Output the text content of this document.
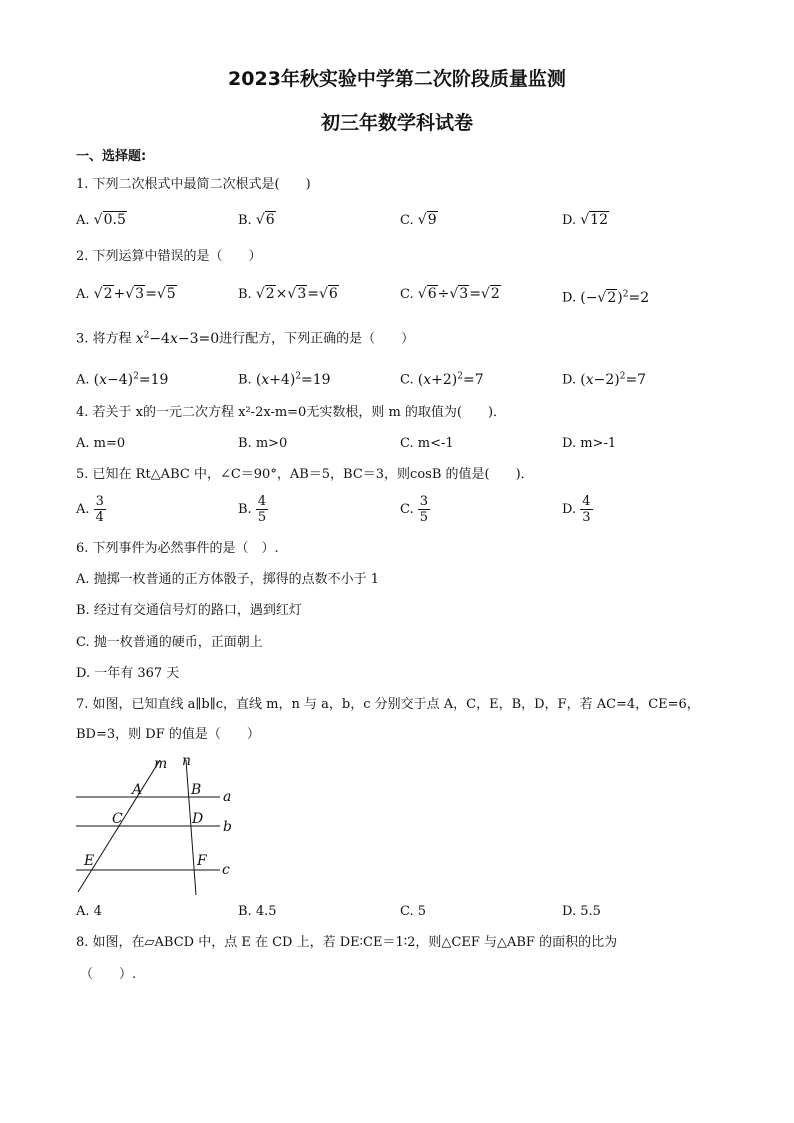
2023年秋实验中学第二次阶段质量监测
初三年数学科试卷
一、选择题:
1. 下列二次根式中最简二次根式是(　　)
A. √0.5	B. √6	C. √9	D. √12
2. 下列运算中错误的是（　　）
A. √2+√3=√5	B. √2×√3=√6	C. √6÷√3=√2	D. $(-√2)^2=2$
3. 将方程 $x^2-4x-3=0$进行配方，下列正确的是（　　）
A. $(x-4)^2=19$	B. $(x+4)^2=19$	C. $(x+2)^2=7$	D. $(x-2)^2=7$
4. 若关于 x的一元二次方程 x²-2x-m=0无实数根，则 m 的取值为(　　)．
A. m=0	B. m>0	C. m<-1	D. m>-1
5. 已知在 Rt△ABC 中，∠C＝90°，AB＝5，BC＝3，则cosB 的值是(　　)．
A. $\frac{3}{4}$	B. $\frac{4}{5}$	C. $\frac{3}{5}$	D. $\frac{4}{3}$
6. 下列事件为必然事件的是（　）.
A. 抛掷一枚普通的正方体骰子，掷得的点数不小于 1
B. 经过有交通信号灯的路口，遇到红灯
C. 抛一枚普通的硬币，正面朝上
D. 一年有 367 天
7. 如图，已知直线 a∥b∥c，直线 m，n 与 a，b，c 分别交于点 A，C，E，B，D，F，若 AC=4，CE=6，
BD=3，则 DF 的值是（　　）
m n
A	B
C	D
E	F
a
b
c
A. 4	B. 4.5	C. 5	D. 5.5
8. 如图，在▱ABCD 中，点 E 在 CD 上，若 DE∶CE＝1∶2，则△CEF 与△ABF 的面积的比为
（　　）.
